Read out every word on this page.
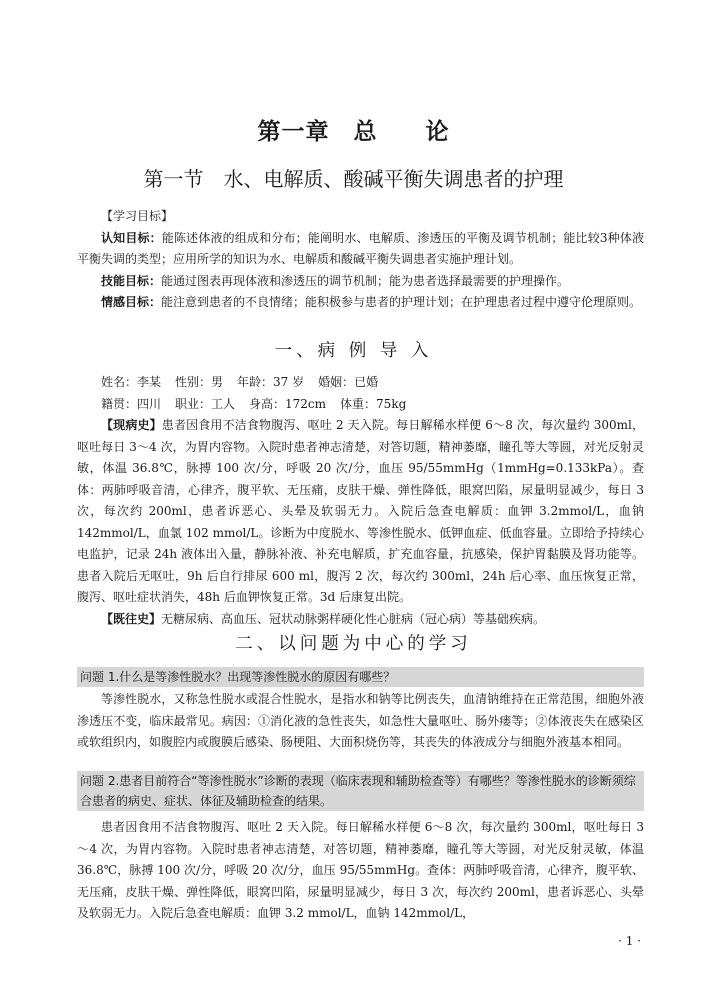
第一章　总　　论
第一节　水、电解质、酸碱平衡失调患者的护理
【学习目标】
认知目标：能陈述体液的组成和分布；能阐明水、电解质、渗透压的平衡及调节机制；能比较3种体液平衡失调的类型；应用所学的知识为水、电解质和酸碱平衡失调患者实施护理计划。
技能目标：能通过图表再现体液和渗透压的调节机制；能为患者选择最需要的护理操作。
情感目标：能注意到患者的不良情绪；能积极参与患者的护理计划；在护理患者过程中遵守伦理原则。
一、病 例 导 入
姓名：李某 性别：男 年龄：37 岁 婚姻：已婚
籍贯：四川 职业：工人 身高：172cm 体重：75kg
【现病史】患者因食用不洁食物腹泻、呕吐 2 天入院。每日解稀水样便 6～8 次，每次量约 300ml，呕吐每日 3～4 次，为胃内容物。入院时患者神志清楚，对答切题，精神萎靡，瞳孔等大等圆，对光反射灵敏，体温 36.8℃，脉搏 100 次/分，呼吸 20 次/分，血压 95/55mmHg（1mmHg=0.133kPa）。查体：两肺呼吸音清，心律齐，腹平软、无压痛，皮肤干燥、弹性降低，眼窝凹陷，尿量明显减少，每日 3 次，每次约 200ml，患者诉恶心、头晕及软弱无力。入院后急查电解质：血钾 3.2mmol/L，血钠 142mmol/L，血氯 102 mmol/L。诊断为中度脱水、等渗性脱水、低钾血症、低血容量。立即给予持续心电监护，记录 24h 液体出入量，静脉补液、补充电解质，扩充血容量，抗感染，保护胃黏膜及肾功能等。患者入院后无呕吐，9h 后自行排尿 600 ml，腹泻 2 次，每次约 300ml，24h 后心率、血压恢复正常，腹泻、呕吐症状消失，48h 后血钾恢复正常。3d 后康复出院。
【既往史】无糖尿病、高血压、冠状动脉粥样硬化性心脏病（冠心病）等基础疾病。
二、以问题为中心的学习
问题 1.什么是等渗性脱水？出现等渗性脱水的原因有哪些？
等渗性脱水，又称急性脱水或混合性脱水，是指水和钠等比例丧失，血清钠维持在正常范围，细胞外液渗透压不变，临床最常见。病因：①消化液的急性丧失，如急性大量呕吐、肠外瘘等；②体液丧失在感染区或软组织内，如腹腔内或腹膜后感染、肠梗阻、大面积烧伤等，其丧失的体液成分与细胞外液基本相同。
问题 2.患者目前符合“等渗性脱水”诊断的表现（临床表现和辅助检查等）有哪些？等渗性脱水的诊断须综合患者的病史、症状、体征及辅助检查的结果。
患者因食用不洁食物腹泻、呕吐 2 天入院。每日解稀水样便 6～8 次，每次量约 300ml，呕吐每日 3～4 次，为胃内容物。入院时患者神志清楚，对答切题，精神萎靡，瞳孔等大等圆，对光反射灵敏，体温 36.8℃，脉搏 100 次/分，呼吸 20 次/分，血压 95/55mmHg。查体：两肺呼吸音清，心律齐，腹平软、无压痛，皮肤干燥、弹性降低，眼窝凹陷，尿量明显减少，每日 3 次，每次约 200ml，患者诉恶心、头晕及软弱无力。入院后急查电解质：血钾 3.2 mmol/L，血钠 142mmol/L，
· 1 ·
